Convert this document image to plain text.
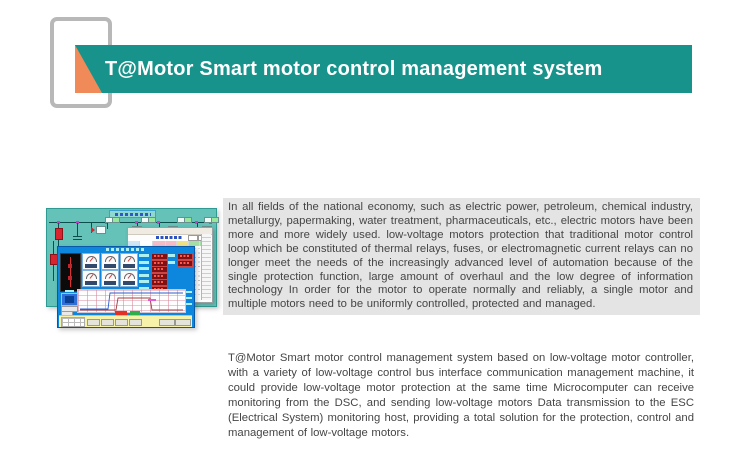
T@Motor Smart motor control management system

In all fields of the national economy, such as electric power, petroleum, chemical industry, metallurgy, papermaking, water treatment, pharmaceuticals, etc., electric motors have been more and more widely used. low-voltage motors protection that traditional motor control loop which be constituted of thermal relays, fuses, or electromagnetic current relays can no longer meet the needs of the increasingly advanced level of automation because of the single protection function, large amount of overhaul and the low degree of information technology In order for the motor to operate normally and reliably, a single motor and multiple motors need to be uniformly controlled, protected and managed.

T@Motor Smart motor control management system based on low-voltage motor controller, with a variety of low-voltage control bus interface communication management machine, it could provide low-voltage motor protection at the same time Microcomputer can receive monitoring from the DSC, and sending low-voltage motors Data transmission to the ESC (Electrical System) monitoring host, providing a total solution for the protection, control and management of low-voltage motors.
